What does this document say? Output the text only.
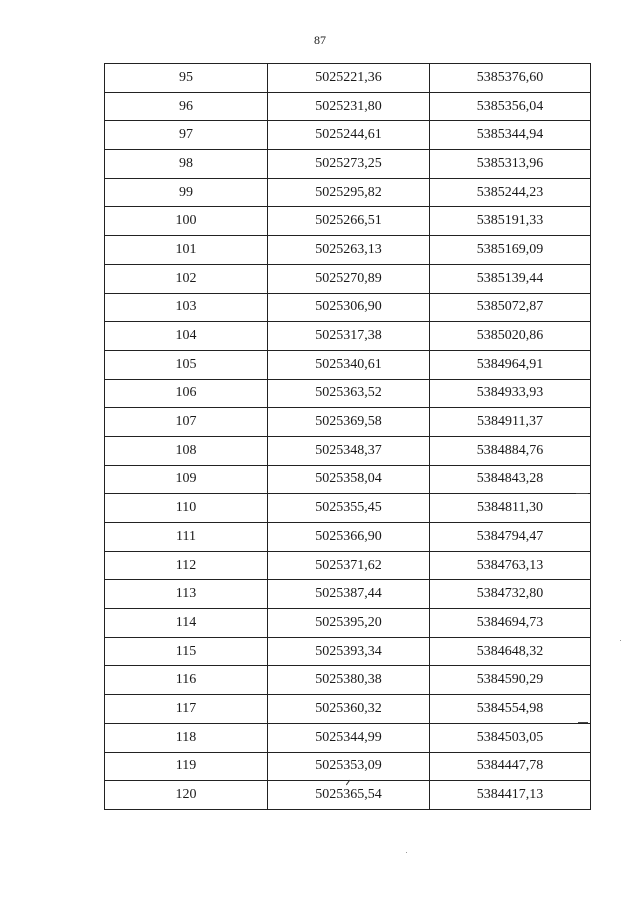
87
95	5025221,36	5385376,60
96	5025231,80	5385356,04
97	5025244,61	5385344,94
98	5025273,25	5385313,96
99	5025295,82	5385244,23
100	5025266,51	5385191,33
101	5025263,13	5385169,09
102	5025270,89	5385139,44
103	5025306,90	5385072,87
104	5025317,38	5385020,86
105	5025340,61	5384964,91
106	5025363,52	5384933,93
107	5025369,58	5384911,37
108	5025348,37	5384884,76
109	5025358,04	5384843,28
110	5025355,45	5384811,30
111	5025366,90	5384794,47
112	5025371,62	5384763,13
113	5025387,44	5384732,80
114	5025395,20	5384694,73
115	5025393,34	5384648,32
116	5025380,38	5384590,29
117	5025360,32	5384554,98
118	5025344,99	5384503,05
119	5025353,09	5384447,78
120	5025365,54	5384417,13
